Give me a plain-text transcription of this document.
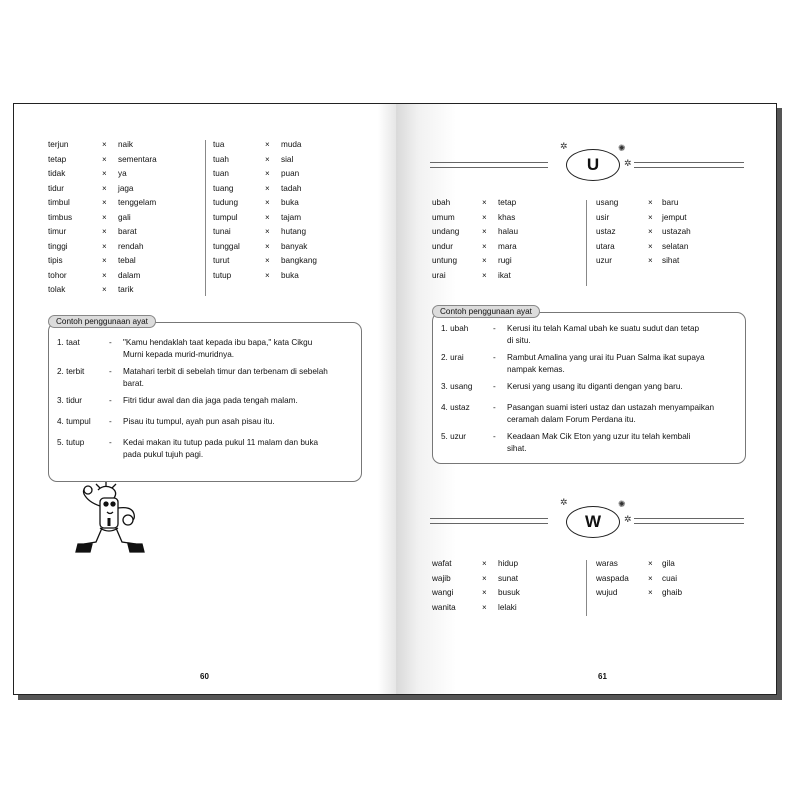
terjun	× naik
tetap	× sementara
tidak	× ya
tidur	× jaga
timbul	× tenggelam
timbus	× gali
timur	× barat
tinggi	× rendah
tipis	× tebal
tohor	× dalam
tolak	× tarik
tua	× muda
tuah	× sial
tuan	× puan
tuang	× tadah
tudung	× buka
tumpul	× tajam
tunai	× hutang
tunggal	× banyak
turut	× bangkang
tutup	× buka
Contoh penggunaan ayat
1. taat	- "Kamu hendaklah taat kepada ibu bapa," kata Cikgu
Murni kepada murid-muridnya.
2. terbit	- Matahari terbit di sebelah timur dan terbenam di sebelah
barat.
3. tidur	- Fitri tidur awal dan dia jaga pada tengah malam.
4. tumpul - Pisau itu tumpul, ayah pun asah pisau itu.
5. tutup	- Kedai makan itu tutup pada pukul 11 malam dan buka
pada pukul tujuh pagi.
60
U
✲	✺
✲
ubah	× tetap
umum	× khas
undang	× halau
undur	× mara
untung	× rugi
urai	× ikat
usang	× baru
usir	× jemput
ustaz	× ustazah
utara	× selatan
uzur	× sihat
Contoh penggunaan ayat
1. ubah	- Kerusi itu telah Kamal ubah ke suatu sudut dan tetap
di situ.
2. urai	- Rambut Amalina yang urai itu Puan Salma ikat supaya
nampak kemas.
3. usang	- Kerusi yang usang itu diganti dengan yang baru.
4. ustaz	- Pasangan suami isteri ustaz dan ustazah menyampaikan
ceramah dalam Forum Perdana itu.
5. uzur	- Keadaan Mak Cik Eton yang uzur itu telah kembali
sihat.
W
✲	✺
✲
wafat	× hidup
wajib	× sunat
wangi	× busuk
wanita	× lelaki
waras	× gila
waspada × cuai
wujud	× ghaib
61
